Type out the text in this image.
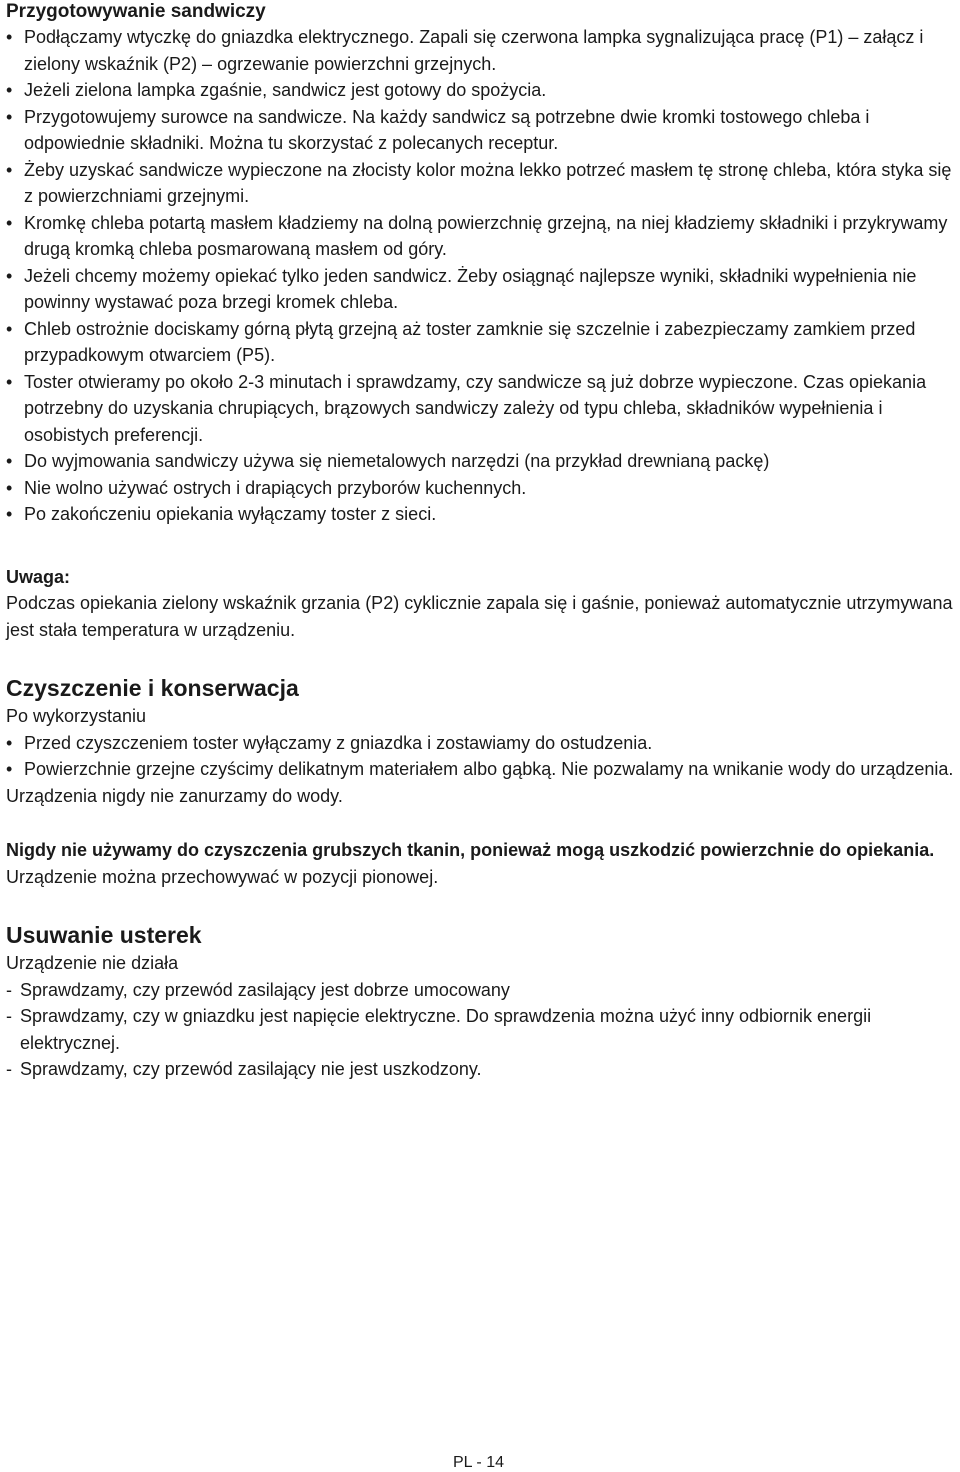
Przygotowywanie sandwiczy
• Podłączamy wtyczkę do gniazdka elektrycznego. Zapali się czerwona lampka sygnalizująca pracę (P1) – załącz i zielony wskaźnik (P2) – ogrzewanie powierzchni grzejnych.
• Jeżeli zielona lampka zgaśnie, sandwicz jest gotowy do spożycia.
• Przygotowujemy surowce na sandwicze. Na każdy sandwicz są potrzebne dwie kromki tostowego chleba i odpowiednie składniki. Można tu skorzystać z polecanych receptur.
• Żeby uzyskać sandwicze wypieczone na złocisty kolor można lekko potrzeć masłem tę stronę chleba, która styka się z powierzchniami grzejnymi.
• Kromkę chleba potartą masłem kładziemy na dolną powierzchnię grzejną, na niej kładziemy składniki i przykrywamy drugą kromką chleba posmarowaną masłem od góry.
• Jeżeli chcemy możemy opiekać tylko jeden sandwicz. Żeby osiągnąć najlepsze wyniki, składniki wypełnienia nie powinny wystawać poza brzegi kromek chleba.
• Chleb ostrożnie dociskamy górną płytą grzejną aż toster zamknie się szczelnie i zabezpieczamy zamkiem przed przypadkowym otwarciem (P5).
• Toster otwieramy po około 2-3 minutach i sprawdzamy, czy sandwicze są już dobrze wypieczone. Czas opiekania potrzebny do uzyskania chrupiących, brązowych sandwiczy zależy od typu chleba, składników wypełnienia i osobistych preferencji.
• Do wyjmowania sandwiczy używa się niemetalowych narzędzi (na przykład drewnianą packę)
• Nie wolno używać ostrych i drapiących przyborów kuchennych.
• Po zakończeniu opiekania wyłączamy toster z sieci.

Uwaga:

Podczas opiekania zielony wskaźnik grzania (P2) cyklicznie zapala się i gaśnie, ponieważ automatycznie utrzymywana jest stała temperatura w urządzeniu.

Czyszczenie i konserwacja

Po wykorzystaniu

• Przed czyszczeniem toster wyłączamy z gniazdka i zostawiamy do ostudzenia.
• Powierzchnie grzejne czyścimy delikatnym materiałem albo gąbką. Nie pozwalamy na wnikanie wody do urządzenia.

Urządzenia nigdy nie zanurzamy do wody.

Nigdy nie używamy do czyszczenia grubszych tkanin, ponieważ mogą uszkodzić powierzchnie do opiekania.

Urządzenie można przechowywać w pozycji pionowej.

Usuwanie usterek

Urządzenie nie działa

- Sprawdzamy, czy przewód zasilający jest dobrze umocowany
- Sprawdzamy, czy w gniazdku jest napięcie elektryczne. Do sprawdzenia można użyć inny odbiornik energii elektrycznej.
- Sprawdzamy, czy przewód zasilający nie jest uszkodzony.
PL - 14
